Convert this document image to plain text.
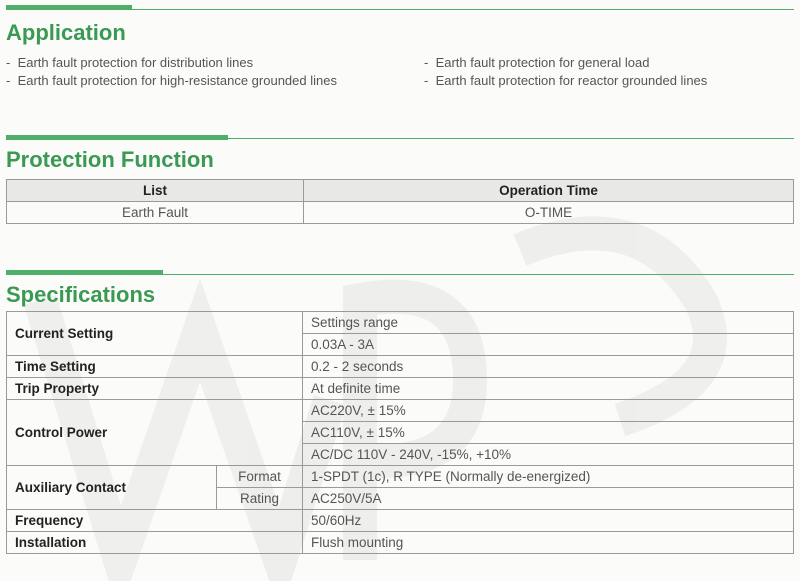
Application
-  Earth fault protection for distribution lines	-  Earth fault protection for general load
-  Earth fault protection for high-resistance grounded lines	-  Earth fault protection for reactor grounded lines
Protection Function
List	Operation Time
Earth Fault	O-TIME
Specifications
Current Setting		Settings range
		0.03A - 3A
Time Setting		0.2 - 2 seconds
Trip Property		At definite time
Control Power		AC220V, ± 15%
		AC110V, ± 15%
		AC/DC 110V - 240V, -15%, +10%
Auxiliary Contact	Format	1-SPDT (1c), R TYPE (Normally de-energized)
	Rating	AC250V/5A
Frequency		50/60Hz
Installation		Flush mounting
